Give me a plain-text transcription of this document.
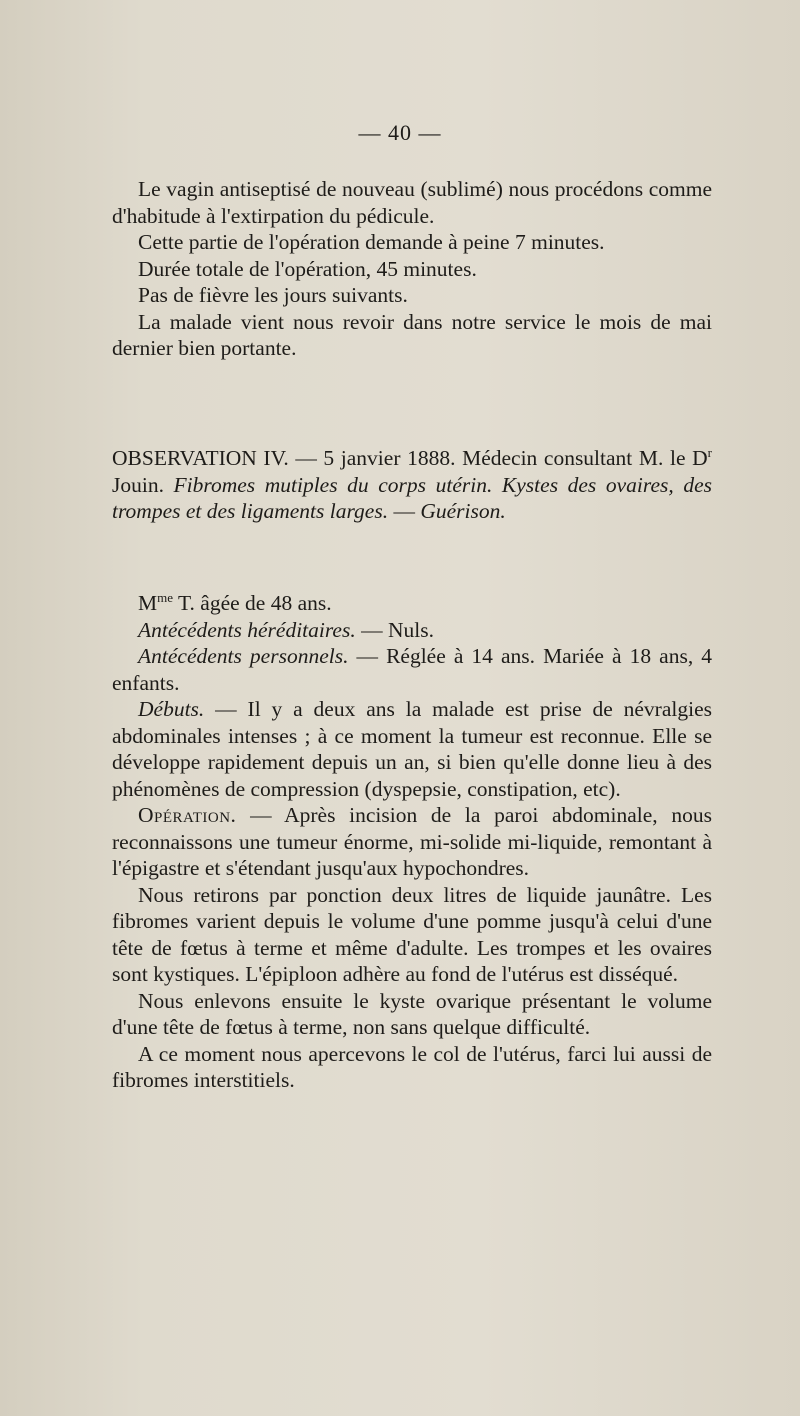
— 40 —

Le vagin antiseptisé de nouveau (sublimé) nous procédons comme d'habitude à l'extirpation du pédicule.

Cette partie de l'opération demande à peine 7 minutes.

Durée totale de l'opération, 45 minutes.

Pas de fièvre les jours suivants.

La malade vient nous revoir dans notre service le mois de mai dernier bien portante.

OBSERVATION IV. — 5 janvier 1888. Médecin consultant M. le $D^r$ Jouin. Fibromes mutiples du corps utérin. Kystes des ovaires, des trompes et des ligaments larges. — Guérison.

$M^{me}$ T. âgée de 48 ans.

Antécédents héréditaires. — Nuls.

Antécédents personnels. — Réglée à 14 ans. Mariée à 18 ans, 4 enfants.

Débuts. — Il y a deux ans la malade est prise de névralgies abdominales intenses ; à ce moment la tumeur est reconnue. Elle se développe rapidement depuis un an, si bien qu'elle donne lieu à des phénomènes de compression (dyspepsie, constipation, etc).

Opération. — Après incision de la paroi abdominale, nous reconnaissons une tumeur énorme, mi-solide mi-liquide, remontant à l'épigastre et s'étendant jusqu'aux hypochondres.

Nous retirons par ponction deux litres de liquide jaunâtre. Les fibromes varient depuis le volume d'une pomme jusqu'à celui d'une tête de fœtus à terme et même d'adulte. Les trompes et les ovaires sont kystiques. L'épiploon adhère au fond de l'utérus est disséqué.

Nous enlevons ensuite le kyste ovarique présentant le volume d'une tête de fœtus à terme, non sans quelque difficulté.

A ce moment nous apercevons le col de l'utérus, farci lui aussi de fibromes interstitiels.
